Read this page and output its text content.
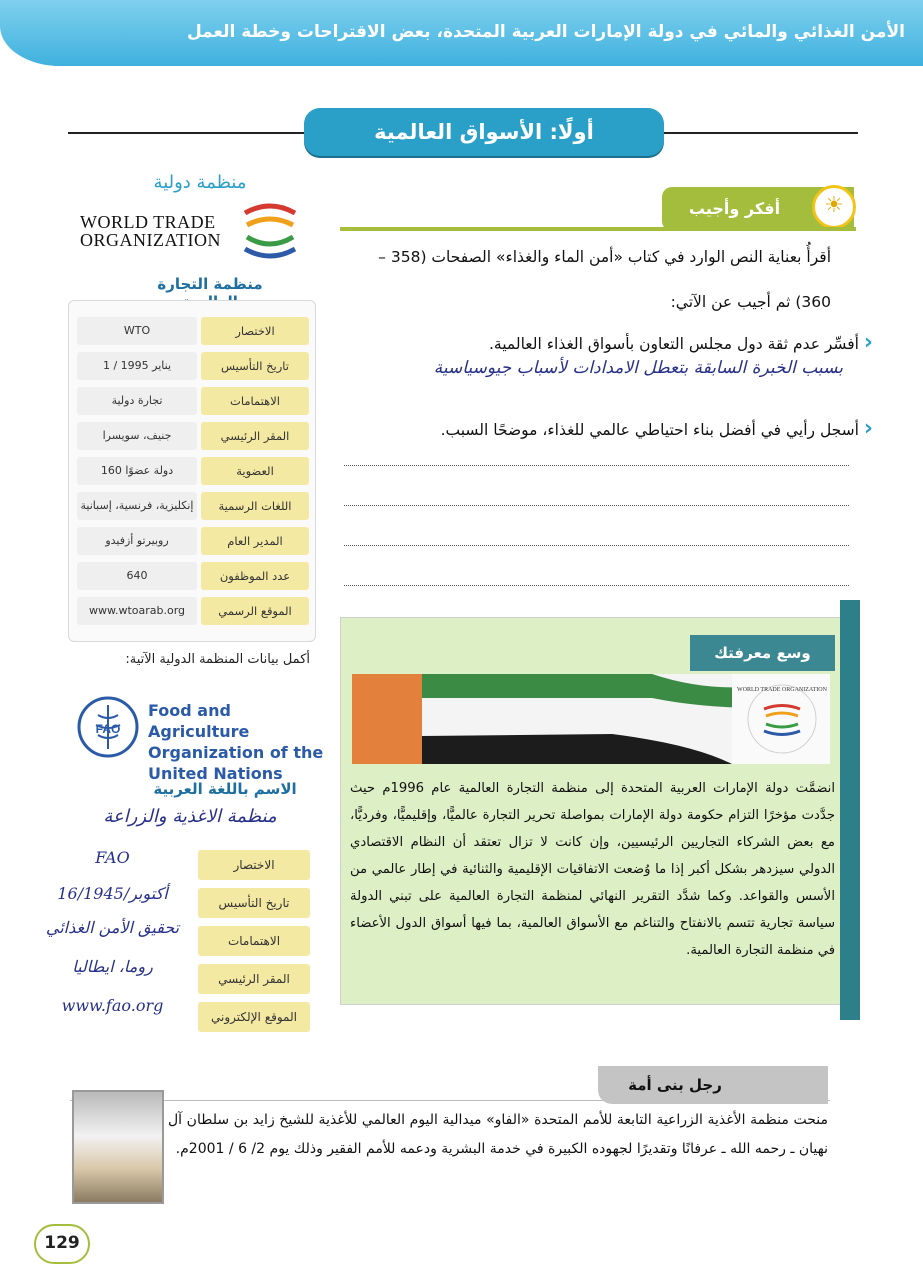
الأمن الغذائي والمائي في دولة الإمارات العربية المتحدة، بعض الاقتراحات وخطة العمل
أولًا: الأسواق العالمية
أفكر وأجيب	☀
أقرأُ بعناية النص الوارد في كتاب «أمن الماء والغذاء» الصفحات (358 –
360) ثم أجيب عن الآتي:
‹ أفسِّر عدم ثقة دول مجلس التعاون بأسواق الغذاء العالمية.
بسبب الخبرة السابقة بتعطل الامدادات لأسباب جيوسياسية
‹ أسجل رأيي في أفضل بناء احتياطي عالمي للغذاء، موضحًا السبب.
منظمة دولية
WORLD TRADE
ORGANIZATION
منظمة التجارة
الاختصار
WTO
تاريخ التأسيس
1 / يناير 1995
الاهتمامات
تجارة دولية
المقر الرئيسي
جنيف، سويسرا
العضوية
160 دولة عضوًا
اللغات الرسمية
إنكليزية، فرنسية، إسبانية
المدير العام
روبيرتو أزفيدو
عدد الموظفون
640
الموقع الرسمي
www.wtoarab.org
أكمل بيانات المنظمة الدولية الآتية:
FAO
Food and Agriculture
Organization of the
United Nations
الاسم باللغة العربية
منظمة الاغذية والزراعة
الاختصار
FAO
تاريخ التأسيس
16/أكتوبر/1945
الاهتمامات
تحقيق الأمن الغذائي
المقر الرئيسي
روما، ايطاليا
الموقع الإلكتروني
www.fao.org
وسع معرفتك
WORLD TRADE ORGANIZATION
انضمَّت دولة الإمارات العربية المتحدة إلى منظمة التجارة العالمية عام 1996م حيث جدَّدت مؤخرًا التزام حكومة دولة الإمارات بمواصلة تحرير التجارة عالميًّا، وإقليميًّا، وفرديًّا، مع بعض الشركاء التجاريين الرئيسيين، وإن كانت لا تزال تعتقد أن النظام الاقتصادي الدولي سيزدهر بشكل أكبر إذا ما وُضعت الاتفاقيات الإقليمية والثنائية في إطار عالمي من الأسس والقواعد. وكما شدَّد التقرير النهائي لمنظمة التجارة العالمية على تبني الدولة سياسة تجارية تتسم بالانفتاح والتناغم مع الأسواق العالمية، بما فيها أسواق الدول الأعضاء في منظمة التجارة العالمية.
رجل بنى أمة
منحت منظمة الأغذية الزراعية التابعة للأمم المتحدة «الفاو» ميدالية اليوم العالمي للأغذية للشيخ زايد بن سلطان آل نهيان ـ رحمه الله ـ عرفانًا وتقديرًا لجهوده الكبيرة في خدمة البشرية ودعمه للأمم الفقير وذلك يوم 2/ 6 / 2001م.
129
